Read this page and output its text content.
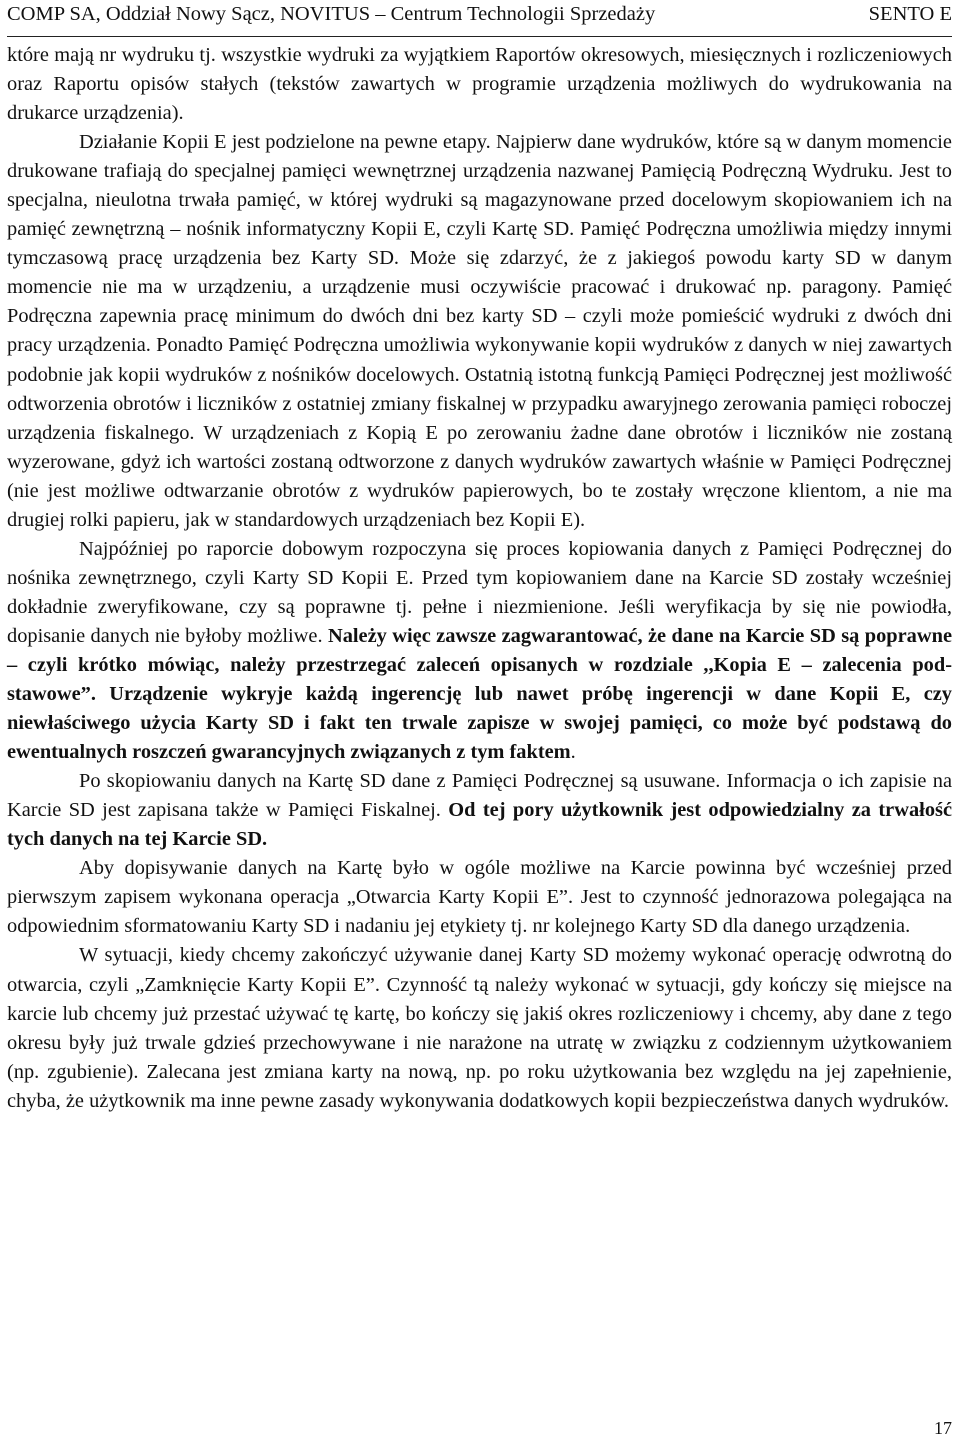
COMP SA, Oddział Nowy Sącz, NOVITUS – Centrum Technologii Sprzedaży	SENTO E

które mają nr wydruku tj. wszystkie wydruki za wyjątkiem Raportów okresowych, miesięcznych i rozliczeniowych oraz Raportu opisów stałych (tekstów zawartych w programie urządzenia możliwych do wydrukowania na drukarce urządzenia).

Działanie Kopii E jest podzielone na pewne etapy. Najpierw dane wydruków, które są w danym momencie drukowane trafiają do specjalnej pamięci wewnętrznej urządzenia nazwanej Pamięcią Podręczną Wydruku. Jest to specjalna, nieulotna trwała pamięć, w której wydruki są magazynowane przed docelowym skopiowaniem ich na pamięć zewnętrzną – nośnik informatyczny Kopii E, czyli Kartę SD. Pamięć Podręczna umożliwia między innymi tymczasową pracę urządzenia bez Karty SD. Może się zdarzyć, że z jakiegoś powodu karty SD w danym momencie nie ma w urządzeniu, a urządzenie musi oczywiście pracować i drukować np. paragony. Pamięć Podręczna zapewnia pracę minimum do dwóch dni bez karty SD – czyli może pomieścić wydruki z dwóch dni pracy urządzenia. Ponadto Pamięć Podręczna umożliwia wykonywanie kopii wydruków z danych w niej zawartych podobnie jak kopii wydruków z nośników docelowych. Ostatnią istotną funkcją Pamięci Podręcznej jest możliwość odtworzenia obrotów i liczników z ostatniej zmiany fiskalnej w przypadku awaryjnego zerowania pamięci roboczej urządzenia fiskalnego. W urządzeniach z Kopią E po zerowaniu żadne dane obrotów i liczników nie zostaną wyzerowane, gdyż ich wartości zostaną odtworzone z danych wydruków zawartych właśnie w Pamięci Podręcznej (nie jest możliwe odtwarzanie obrotów z wydruków papierowych, bo te zostały wręczone klientom, a nie ma drugiej rolki papieru, jak w standardowych urządzeniach bez Kopii E).

Najpóźniej po raporcie dobowym rozpoczyna się proces kopiowania danych z Pamięci Podręcznej do nośnika zewnętrznego, czyli Karty SD Kopii E. Przed tym kopiowaniem dane na Karcie SD zostały wcześniej dokładnie zweryfikowane, czy są poprawne tj. pełne i niezmienione. Jeśli weryfikacja by się nie powiodła, dopisanie danych nie byłoby możliwe. Należy więc zawsze zagwarantować, że dane na Karcie SD są poprawne – czyli krótko mówiąc, należy przestrzegać zaleceń opisanych w rozdziale ,,Kopia E – zalecenia podstawowe”. Urządzenie wykryje każdą ingerencję lub nawet próbę ingerencji w dane Kopii E, czy niewłaściwego użycia Karty SD i fakt ten trwale zapisze w swojej pamięci, co może być podstawą do ewentualnych roszczeń gwarancyjnych związanych z tym faktem.

Po skopiowaniu danych na Kartę SD dane z Pamięci Podręcznej są usuwane. Informacja o ich zapisie na Karcie SD jest zapisana także w Pamięci Fiskalnej. Od tej pory użytkownik jest odpowiedzialny za trwałość tych danych na tej Karcie SD.

Aby dopisywanie danych na Kartę było w ogóle możliwe na Karcie powinna być wcześniej przed pierwszym zapisem wykonana operacja „Otwarcia Karty Kopii E”. Jest to czynność jednorazowa polegająca na odpowiednim sformatowaniu Karty SD i nadaniu jej etykiety tj. nr kolejnego Karty SD dla danego urządzenia.

W sytuacji, kiedy chcemy zakończyć używanie danej Karty SD możemy wykonać operację odwrotną do otwarcia, czyli „Zamknięcie Karty Kopii E”. Czynność tą należy wykonać w sytuacji, gdy kończy się miejsce na karcie lub chcemy już przestać używać tę kartę, bo kończy się jakiś okres rozliczeniowy i chcemy, aby dane z tego okresu były już trwale gdzieś przechowywane i nie narażone na utratę w związku z codziennym użytkowaniem (np. zgubienie). Zalecana jest zmiana karty na nową, np. po roku użytkowania bez względu na jej zapełnienie, chyba, że użytkownik ma inne pewne zasady wykonywania dodatkowych kopii bezpieczeństwa danych wydruków.

17
